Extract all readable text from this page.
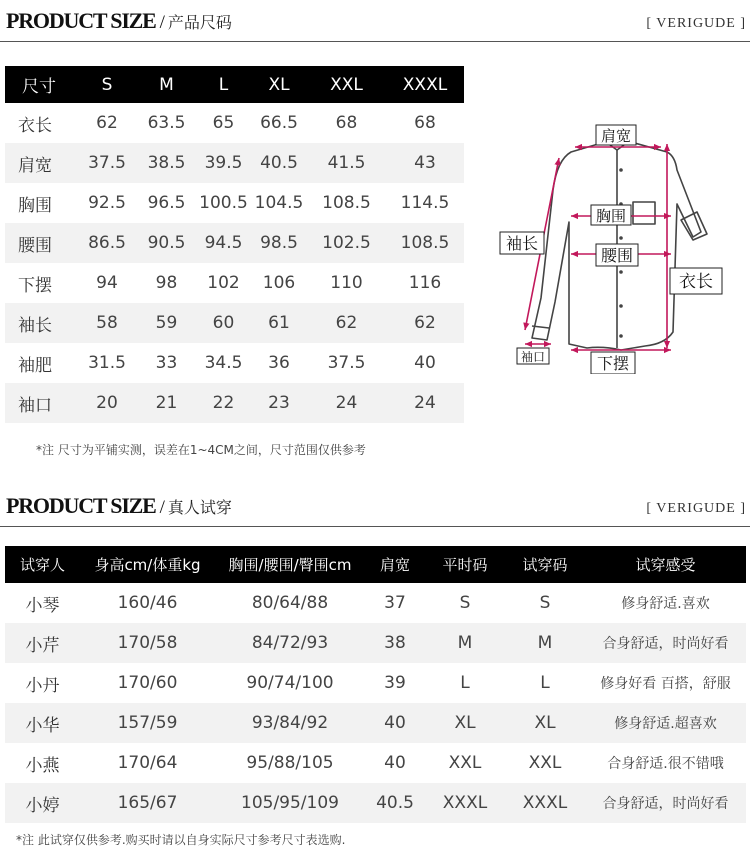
PRODUCT SIZE / 产品尺码	[ VERIGUDE ]
尺寸	S	M	L	XL	XXL	XXXL
衣长	62	63.5	65	66.5	68	68
肩宽	37.5	38.5	39.5	40.5	41.5	43
胸围	92.5	96.5	100.5	104.5	108.5	114.5
腰围	86.5	90.5	94.5	98.5	102.5	108.5
下摆	94	98	102	106	110	116
袖长	58	59	60	61	62	62
袖肥	31.5	33	34.5	36	37.5	40
袖口	20	21	22	23	24	24
*注 尺寸为平铺实测，误差在1~4CM之间，尺寸范围仅供参考
肩宽
胸围
腰围
袖长
衣长
袖口	下摆
PRODUCT SIZE / 真人试穿	[ VERIGUDE ]
试穿人	身高cm/体重kg	胸围/腰围/臀围cm	肩宽	平时码	试穿码	试穿感受
小琴	160/46	80/64/88	37	S	S	修身舒适.喜欢
小芹	170/58	84/72/93	38	M	M	合身舒适，时尚好看
小丹	170/60	90/74/100	39	L	L	修身好看 百搭，舒服
小华	157/59	93/84/92	40	XL	XL	修身舒适.超喜欢
小燕	170/64	95/88/105	40	XXL	XXL	合身舒适.很不错哦
小婷	165/67	105/95/109	40.5	XXXL	XXXL	合身舒适，时尚好看
*注 此试穿仅供参考.购买时请以自身实际尺寸参考尺寸表选购.
